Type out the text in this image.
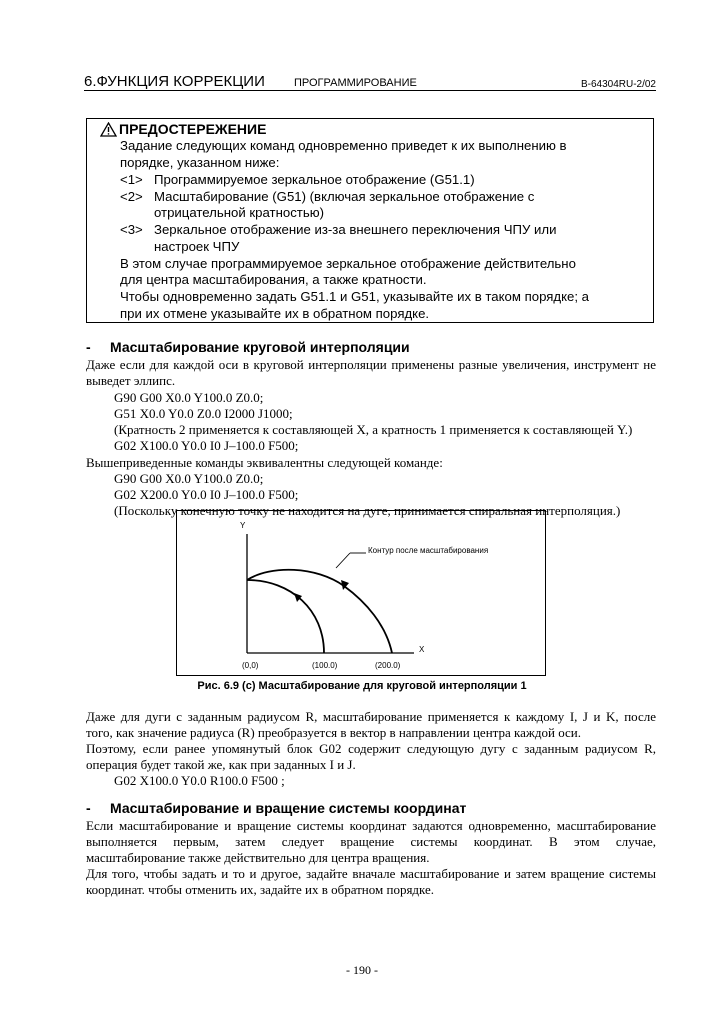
6.ФУНКЦИЯ КОРРЕКЦИИ	ПРОГРАММИРОВАНИЕ	B-64304RU-2/02
ПРЕДОСТЕРЕЖЕНИЕ
Задание следующих команд одновременно приведет к их выполнению в
порядке, указанном ниже:
<1> Программируемое зеркальное отображение (G51.1)
<2> Масштабирование (G51) (включая зеркальное отображение с
отрицательной кратностью)
<3> Зеркальное отображение из-за внешнего переключения ЧПУ или
настроек ЧПУ
В этом случае программируемое зеркальное отображение действительно
для центра масштабирования, а также кратности.
Чтобы одновременно задать G51.1 и G51, указывайте их в таком порядке; а
при их отмене указывайте их в обратном порядке.
- Масштабирование круговой интерполяции
Даже если для каждой оси в круговой интерполяции применены разные увеличения, инструмент не
выведет эллипс.
G90 G00 X0.0 Y100.0 Z0.0;
G51 X0.0 Y0.0 Z0.0 I2000 J1000;
(Кратность 2 применяется к составляющей X, а кратность 1 применяется к составляющей Y.)
G02 X100.0 Y0.0 I0 J–100.0 F500;
Вышеприведенные команды эквивалентны следующей команде:
G90 G00 X0.0 Y100.0 Z0.0;
G02 X200.0 Y0.0 I0 J–100.0 F500;
(Поскольку конечную точку не находится на дуге, принимается спиральная интерполяция.)
Y
X
Контур после масштабирования
(0,0)	(100.0)	(200.0)
Рис. 6.9 (c) Масштабирование для круговой интерполяции 1
Даже для дуги с заданным радиусом R, масштабирование применяется к каждому I, J и K, после
того, как значение радиуса (R) преобразуется в вектор в направлении центра каждой оси.
Поэтому, если ранее упомянутый блок G02 содержит следующую дугу с заданным радиусом R,
операция будет такой же, как при заданных I и J.
G02 X100.0 Y0.0 R100.0 F500 ;
- Масштабирование и вращение системы координат
Если масштабирование и вращение системы координат задаются одновременно, масштабирование
выполняется первым, затем следует вращение системы координат. В этом случае,
масштабирование также действительно для центра вращения.
Для того, чтобы задать и то и другое, задайте вначале масштабирование и затем вращение системы
координат. чтобы отменить их, задайте их в обратном порядке.
- 190 -
